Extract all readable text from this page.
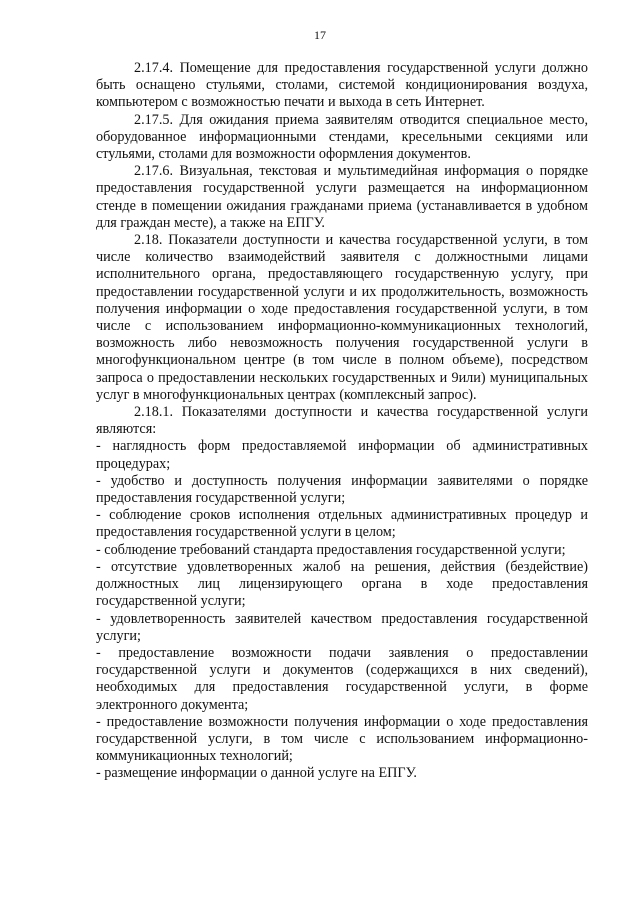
17

2.17.4. Помещение для предоставления государственной услуги должно быть оснащено стульями, столами, системой кондиционирования воздуха, компьютером с возможностью печати и выхода в сеть Интернет.

2.17.5. Для ожидания приема заявителям отводится специальное место, оборудованное информационными стендами, кресельными секциями или стульями, столами для возможности оформления документов.

2.17.6. Визуальная, текстовая и мультимедийная информация о порядке предоставления государственной услуги размещается на информационном стенде в помещении ожидания гражданами приема (устанавливается в удобном для граждан месте), а также на ЕПГУ.

2.18. Показатели доступности и качества государственной услуги, в том числе количество взаимодействий заявителя с должностными лицами исполнительного органа, предоставляющего государственную услугу, при предоставлении государственной услуги и их продолжительность, возможность получения информации о ходе предоставления государственной услуги, в том числе с использованием информационно-коммуникационных технологий, возможность либо невозможность получения государственной услуги в многофункциональном центре (в том числе в полном объеме), посредством запроса о предоставлении нескольких государственных и 9или) муниципальных услуг в многофункциональных центрах (комплексный запрос).

2.18.1. Показателями доступности и качества государственной услуги являются:

- наглядность форм предоставляемой информации об административных процедурах;

- удобство и доступность получения информации заявителями о порядке предоставления государственной услуги;

- соблюдение сроков исполнения отдельных административных процедур и предоставления государственной услуги в целом;

- соблюдение требований стандарта предоставления государственной услуги;

- отсутствие удовлетворенных жалоб на решения, действия (бездействие) должностных лиц лицензирующего органа в ходе предоставления государственной услуги;

- удовлетворенность заявителей качеством предоставления государственной услуги;

- предоставление возможности подачи заявления о предоставлении государственной услуги и документов (содержащихся в них сведений), необходимых для предоставления государственной услуги, в форме электронного документа;

- предоставление возможности получения информации о ходе предоставления государственной услуги, в том числе с использованием информационно-коммуникационных технологий;

- размещение информации о данной услуге на ЕПГУ.
